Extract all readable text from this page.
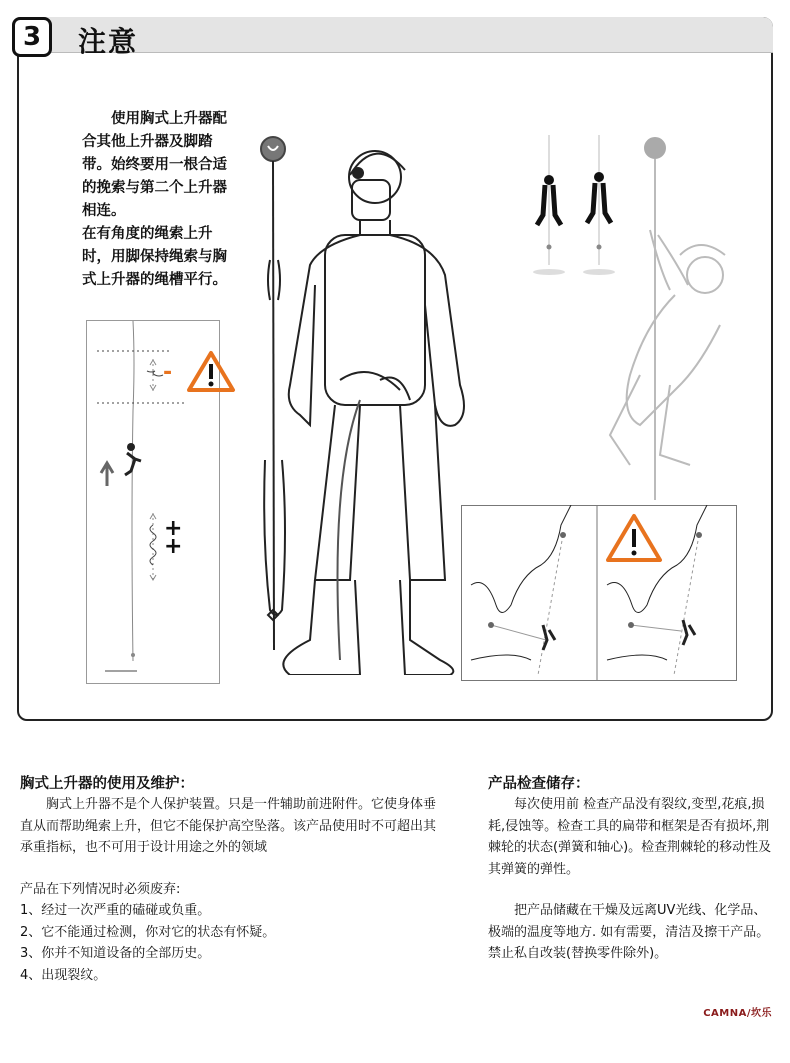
3	注意

使用胸式上升器配合其他上升器及脚踏带。始终要用一根合适的挽索与第二个上升器相连。

在有角度的绳索上升时，用脚保持绳索与胸式上升器的绳槽平行。

-
+
+
胸式上升器的使用及维护：

胸式上升器不是个人保护装置。只是一件辅助前进附件。它使身体垂直从而帮助绳索上升，但它不能保护高空坠落。该产品使用时不可超出其承重指标，也不可用于设计用途之外的领域

产品在下列情况时必须废弃:

1、经过一次严重的磕碰或负重。

2、它不能通过检测，你对它的状态有怀疑。

3、你并不知道设备的全部历史。

4、出现裂纹。

产品检查储存：

每次使用前 检查产品没有裂纹,变型,花痕,损耗,侵蚀等。检查工具的扁带和框架是否有损坏,荆棘轮的状态(弹簧和轴心)。检查荆棘轮的移动性及其弹簧的弹性。

把产品储藏在干燥及远离UV光线、化学品、极端的温度等地方. 如有需要，清洁及擦干产品。禁止私自改装(替换零件除外)。

CAMNA/坎乐
